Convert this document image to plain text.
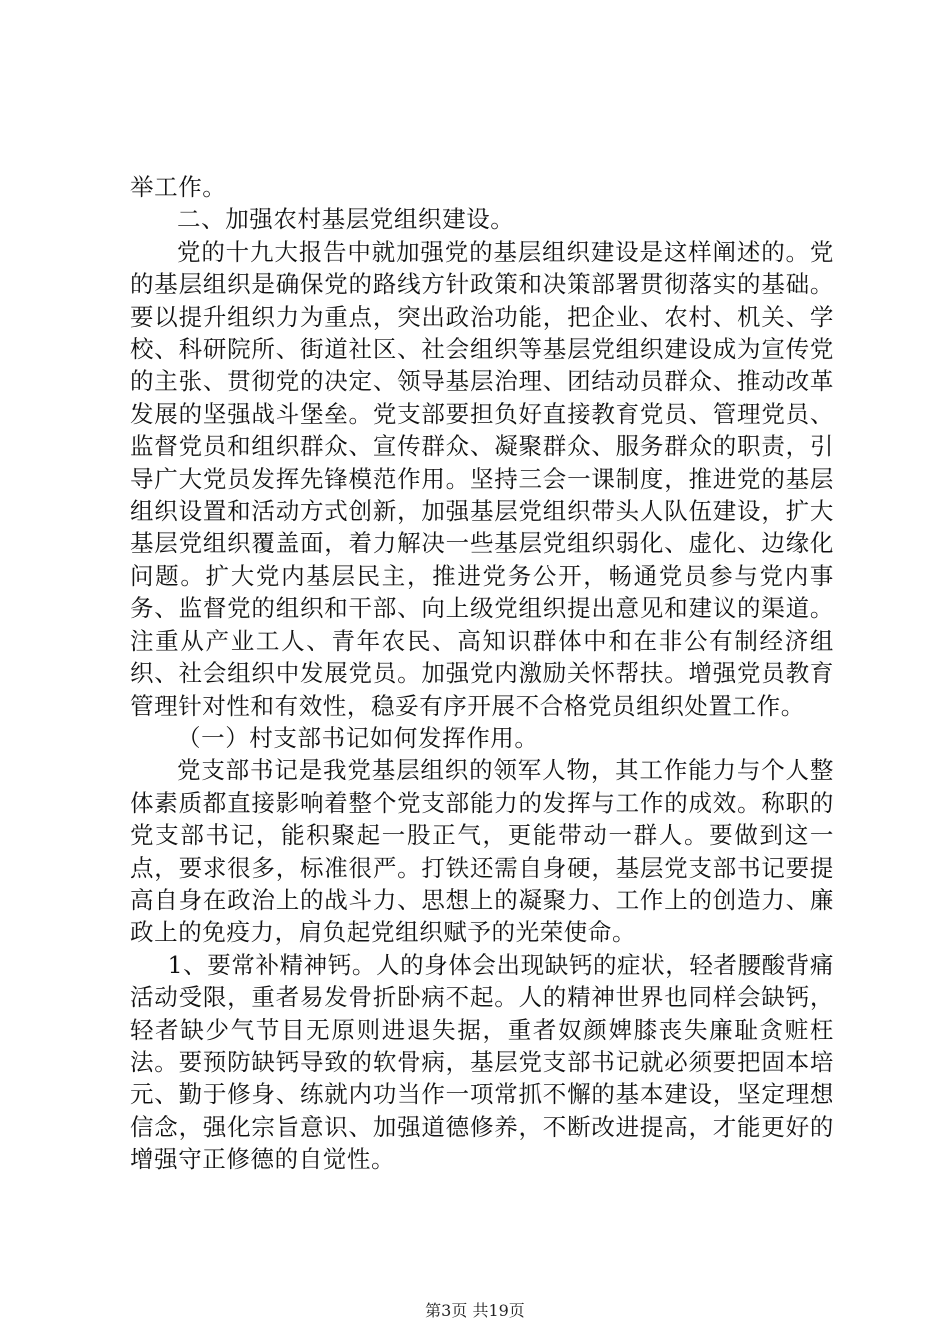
举工作。

二、加强农村基层党组织建设。

党的十九大报告中就加强党的基层组织建设是这样阐述的。党的基层组织是确保党的路线方针政策和决策部署贯彻落实的基础。要以提升组织力为重点，突出政治功能，把企业、农村、机关、学校、科研院所、街道社区、社会组织等基层党组织建设成为宣传党的主张、贯彻党的决定、领导基层治理、团结动员群众、推动改革发展的坚强战斗堡垒。党支部要担负好直接教育党员、管理党员、监督党员和组织群众、宣传群众、凝聚群众、服务群众的职责，引导广大党员发挥先锋模范作用。坚持三会一课制度，推进党的基层组织设置和活动方式创新，加强基层党组织带头人队伍建设，扩大基层党组织覆盖面，着力解决一些基层党组织弱化、虚化、边缘化问题。扩大党内基层民主，推进党务公开，畅通党员参与党内事务、监督党的组织和干部、向上级党组织提出意见和建议的渠道。注重从产业工人、青年农民、高知识群体中和在非公有制经济组织、社会组织中发展党员。加强党内激励关怀帮扶。增强党员教育管理针对性和有效性，稳妥有序开展不合格党员组织处置工作。

（一）村支部书记如何发挥作用。

党支部书记是我党基层组织的领军人物，其工作能力与个人整体素质都直接影响着整个党支部能力的发挥与工作的成效。称职的党支部书记，能积聚起一股正气，更能带动一群人。要做到这一点，要求很多，标准很严。打铁还需自身硬，基层党支部书记要提高自身在政治上的战斗力、思想上的凝聚力、工作上的创造力、廉政上的免疫力，肩负起党组织赋予的光荣使命。

1、要常补精神钙。人的身体会出现缺钙的症状，轻者腰酸背痛活动受限，重者易发骨折卧病不起。人的精神世界也同样会缺钙，轻者缺少气节目无原则进退失据，重者奴颜婢膝丧失廉耻贪赃枉法。要预防缺钙导致的软骨病，基层党支部书记就必须要把固本培元、勤于修身、练就内功当作一项常抓不懈的基本建设，坚定理想信念，强化宗旨意识、加强道德修养，不断改进提高，才能更好的增强守正修德的自觉性。

第3页 共19页
